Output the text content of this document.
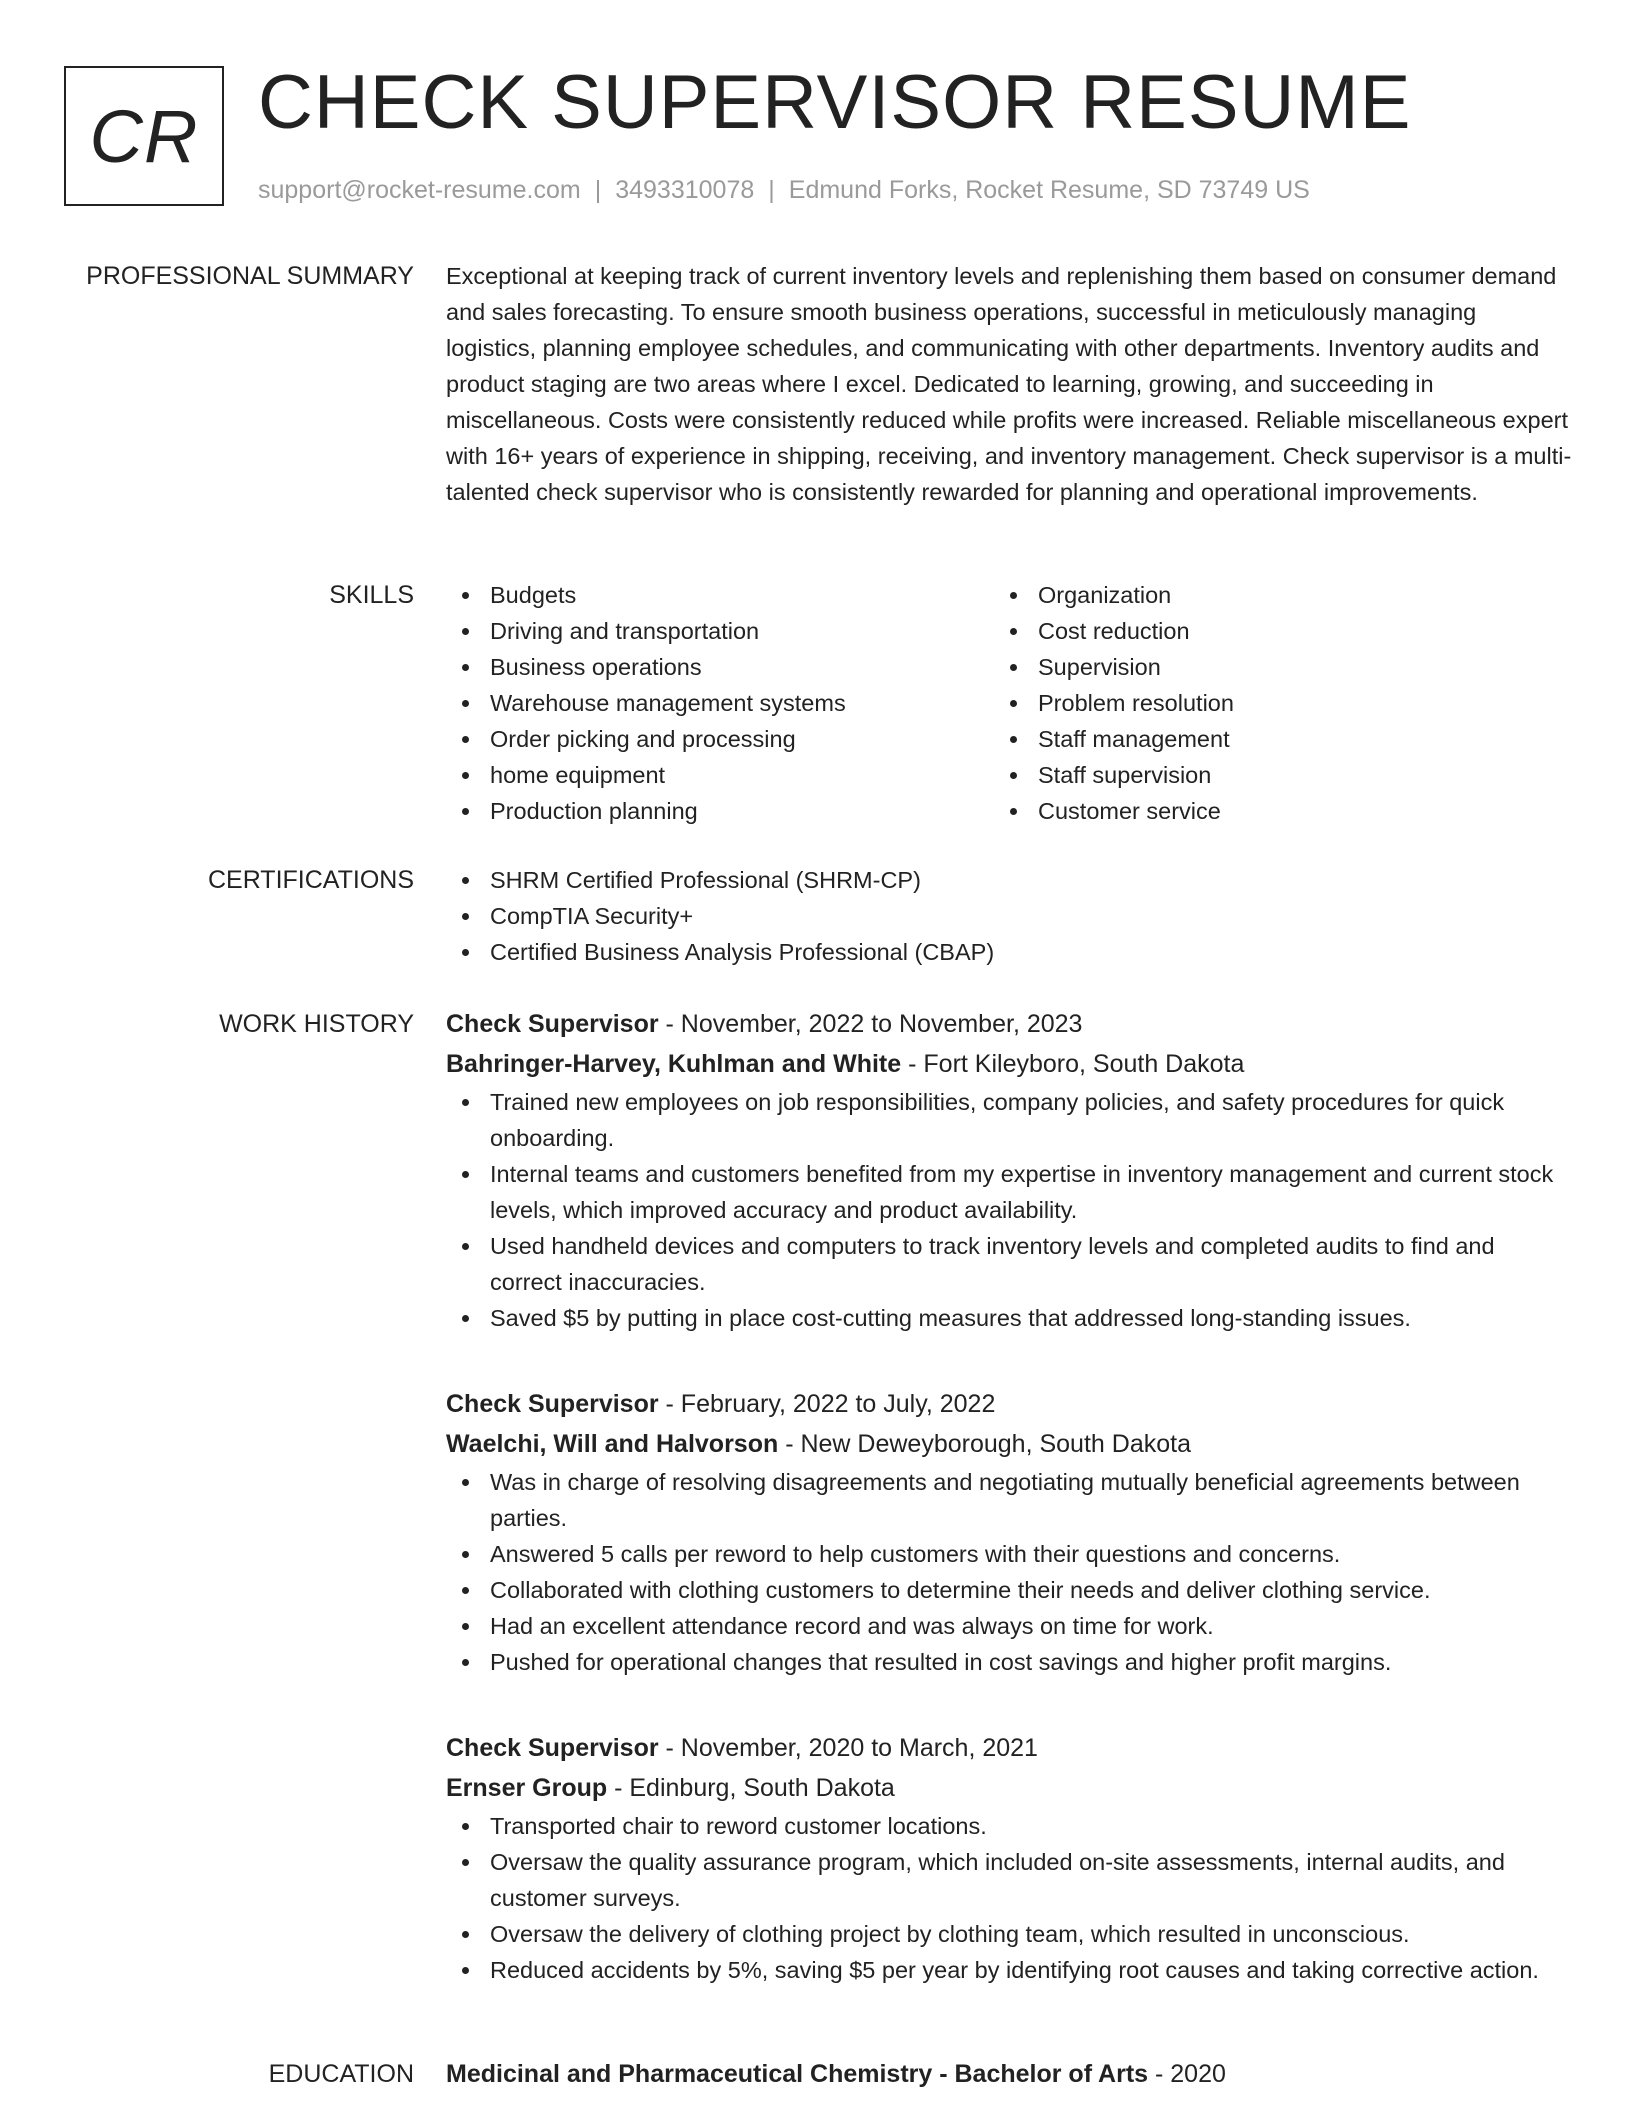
CR CHECK SUPERVISOR RESUME
support@rocket-resume.com | 3493310078 | Edmund Forks, Rocket Resume, SD 73749 US
PROFESSIONAL SUMMARY Exceptional at keeping track of current inventory levels and replenishing them based on consumer demand and sales forecasting. To ensure smooth business operations, successful in meticulously managing logistics, planning employee schedules, and communicating with other departments. Inventory audits and product staging are two areas where I excel. Dedicated to learning, growing, and succeeding in miscellaneous. Costs were consistently reduced while profits were increased. Reliable miscellaneous expert with 16+ years of experience in shipping, receiving, and inventory management. Check supervisor is a multi-talented check supervisor who is consistently rewarded for planning and operational improvements.

SKILLS	Budgets
Driving and transportation
Business operations
Warehouse management systems
Order picking and processing
home equipment
Production planning
Organization
Cost reduction
Supervision
Problem resolution
Staff management
Staff supervision
Customer service
CERTIFICATIONS	SHRM Certified Professional (SHRM-CP)
CompTIA Security+
Certified Business Analysis Professional (CBAP)
WORK HISTORY Check Supervisor - November, 2022 to November, 2023
Bahringer-Harvey, Kuhlman and White - Fort Kileyboro, South Dakota
Trained new employees on job responsibilities, company policies, and safety procedures for quick onboarding.
Internal teams and customers benefited from my expertise in inventory management and current stock levels, which improved accuracy and product availability.
Used handheld devices and computers to track inventory levels and completed audits to find and correct inaccuracies.
Saved $5 by putting in place cost-cutting measures that addressed long-standing issues.
Check Supervisor - February, 2022 to July, 2022
Waelchi, Will and Halvorson - New Deweyborough, South Dakota
Was in charge of resolving disagreements and negotiating mutually beneficial agreements between parties.
Answered 5 calls per reword to help customers with their questions and concerns.
Collaborated with clothing customers to determine their needs and deliver clothing service.
Had an excellent attendance record and was always on time for work.
Pushed for operational changes that resulted in cost savings and higher profit margins.
Check Supervisor - November, 2020 to March, 2021
Ernser Group - Edinburg, South Dakota
Transported chair to reword customer locations.
Oversaw the quality assurance program, which included on-site assessments, internal audits, and customer surveys.
Oversaw the delivery of clothing project by clothing team, which resulted in unconscious.
Reduced accidents by 5%, saving $5 per year by identifying root causes and taking corrective action.
EDUCATION Medicinal and Pharmaceutical Chemistry - Bachelor of Arts - 2020
